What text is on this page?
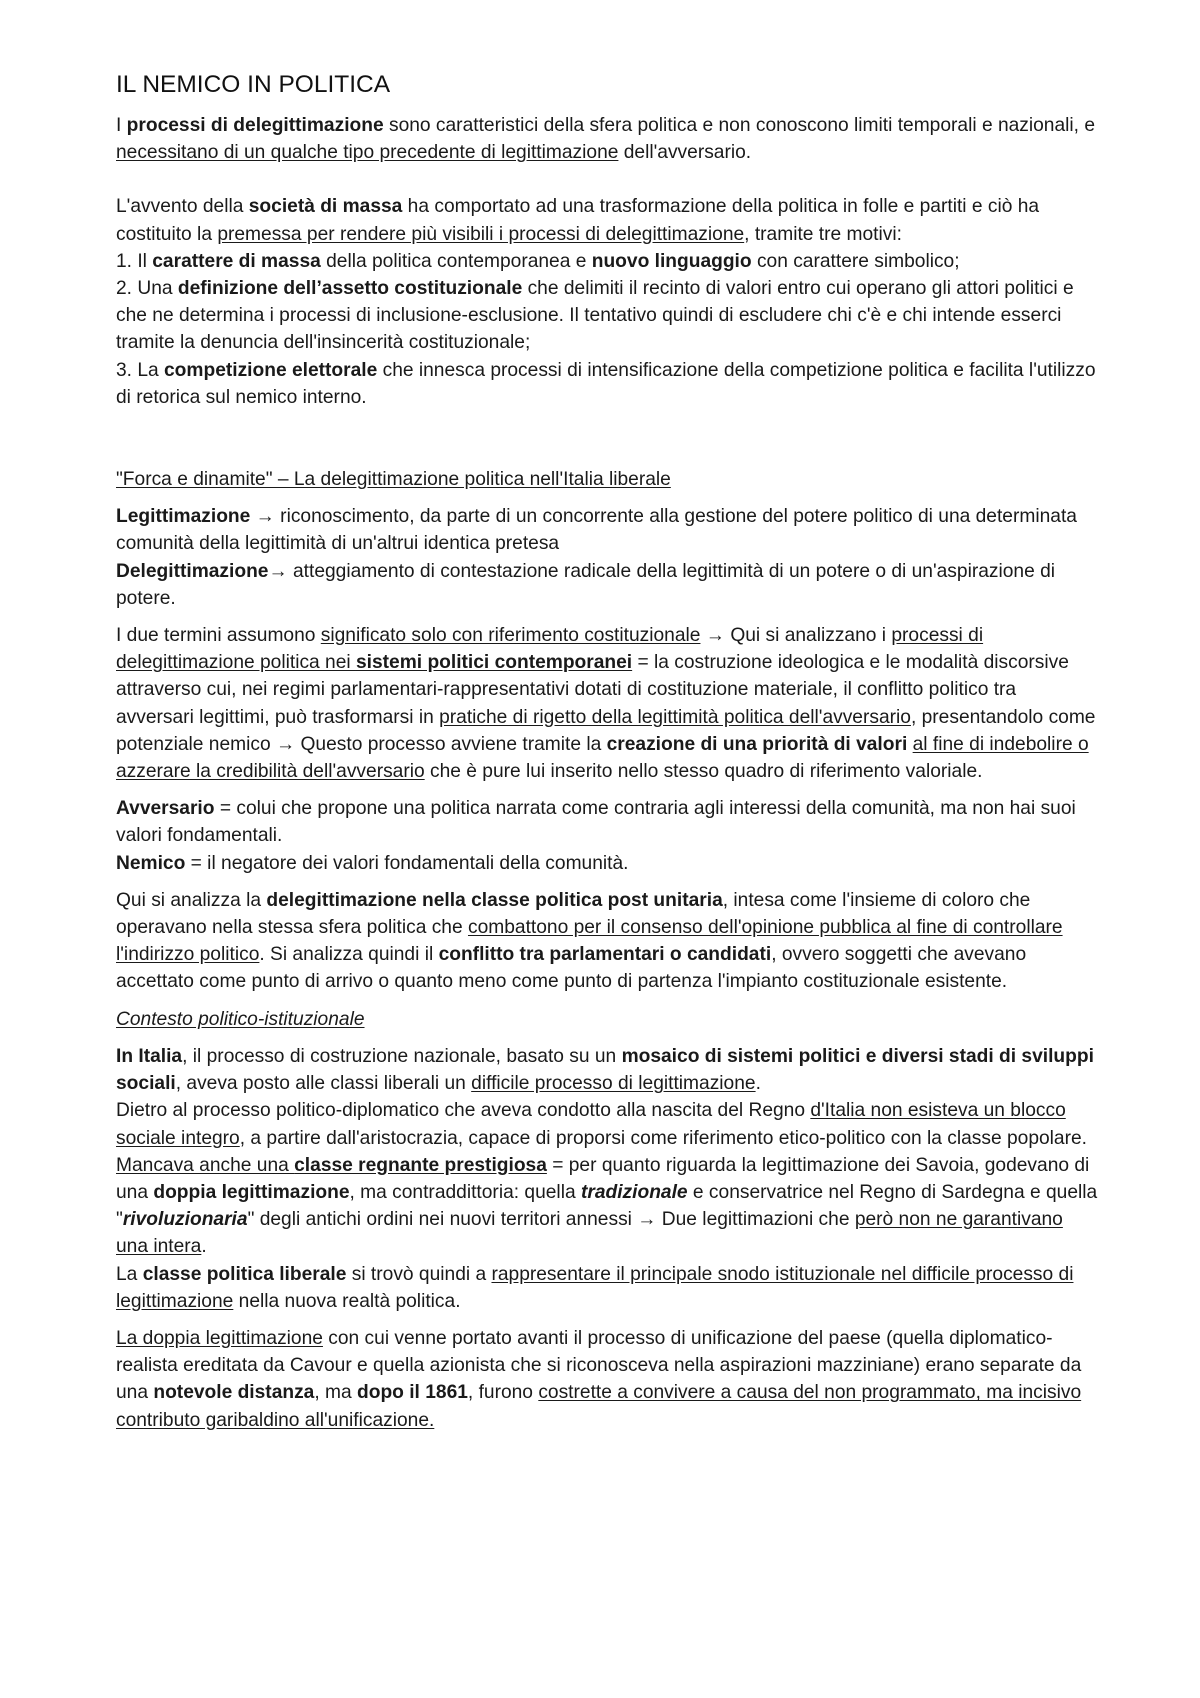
IL NEMICO IN POLITICA

I processi di delegittimazione sono caratteristici della sfera politica e non conoscono limiti temporali e nazionali, e necessitano di un qualche tipo precedente di legittimazione dell'avversario.

L'avvento della società di massa ha comportato ad una trasformazione della politica in folle e partiti e ciò ha costituito la premessa per rendere più visibili i processi di delegittimazione, tramite tre motivi:

1. Il carattere di massa della politica contemporanea e nuovo linguaggio con carattere simbolico;

2. Una definizione dell’assetto costituzionale che delimiti il recinto di valori entro cui operano gli attori politici e che ne determina i processi di inclusione-esclusione. Il tentativo quindi di escludere chi c'è e chi intende esserci tramite la denuncia dell'insincerità costituzionale;

3. La competizione elettorale che innesca processi di intensificazione della competizione politica e facilita l'utilizzo di retorica sul nemico interno.

"Forca e dinamite" – La delegittimazione politica nell'Italia liberale

Legittimazione → riconoscimento, da parte di un concorrente alla gestione del potere politico di una determinata comunità della legittimità di un'altrui identica pretesa

Delegittimazione→ atteggiamento di contestazione radicale della legittimità di un potere o di un'aspirazione di potere.

I due termini assumono significato solo con riferimento costituzionale → Qui si analizzano i processi di delegittimazione politica nei sistemi politici contemporanei = la costruzione ideologica e le modalità discorsive attraverso cui, nei regimi parlamentari-rappresentativi dotati di costituzione materiale, il conflitto politico tra avversari legittimi, può trasformarsi in pratiche di rigetto della legittimità politica dell'avversario, presentandolo come potenziale nemico → Questo processo avviene tramite la creazione di una priorità di valori al fine di indebolire o azzerare la credibilità dell'avversario che è pure lui inserito nello stesso quadro di riferimento valoriale.

Avversario = colui che propone una politica narrata come contraria agli interessi della comunità, ma non hai suoi valori fondamentali.

Nemico = il negatore dei valori fondamentali della comunità.

Qui si analizza la delegittimazione nella classe politica post unitaria, intesa come l'insieme di coloro che operavano nella stessa sfera politica che combattono per il consenso dell'opinione pubblica al fine di controllare l'indirizzo politico. Si analizza quindi il conflitto tra parlamentari o candidati, ovvero soggetti che avevano accettato come punto di arrivo o quanto meno come punto di partenza l'impianto costituzionale esistente.

Contesto politico-istituzionale

In Italia, il processo di costruzione nazionale, basato su un mosaico di sistemi politici e diversi stadi di sviluppi sociali, aveva posto alle classi liberali un difficile processo di legittimazione.

Dietro al processo politico-diplomatico che aveva condotto alla nascita del Regno d'Italia non esisteva un blocco sociale integro, a partire dall'aristocrazia, capace di proporsi come riferimento etico-politico con la classe popolare.

Mancava anche una classe regnante prestigiosa = per quanto riguarda la legittimazione dei Savoia, godevano di una doppia legittimazione, ma contraddittoria: quella tradizionale e conservatrice nel Regno di Sardegna e quella "rivoluzionaria" degli antichi ordini nei nuovi territori annessi → Due legittimazioni che però non ne garantivano una intera.

La classe politica liberale si trovò quindi a rappresentare il principale snodo istituzionale nel difficile processo di legittimazione nella nuova realtà politica.

La doppia legittimazione con cui venne portato avanti il processo di unificazione del paese (quella diplomatico-realista ereditata da Cavour e quella azionista che si riconosceva nella aspirazioni mazziniane) erano separate da una notevole distanza, ma dopo il 1861, furono costrette a convivere a causa del non programmato, ma incisivo contributo garibaldino all'unificazione.
